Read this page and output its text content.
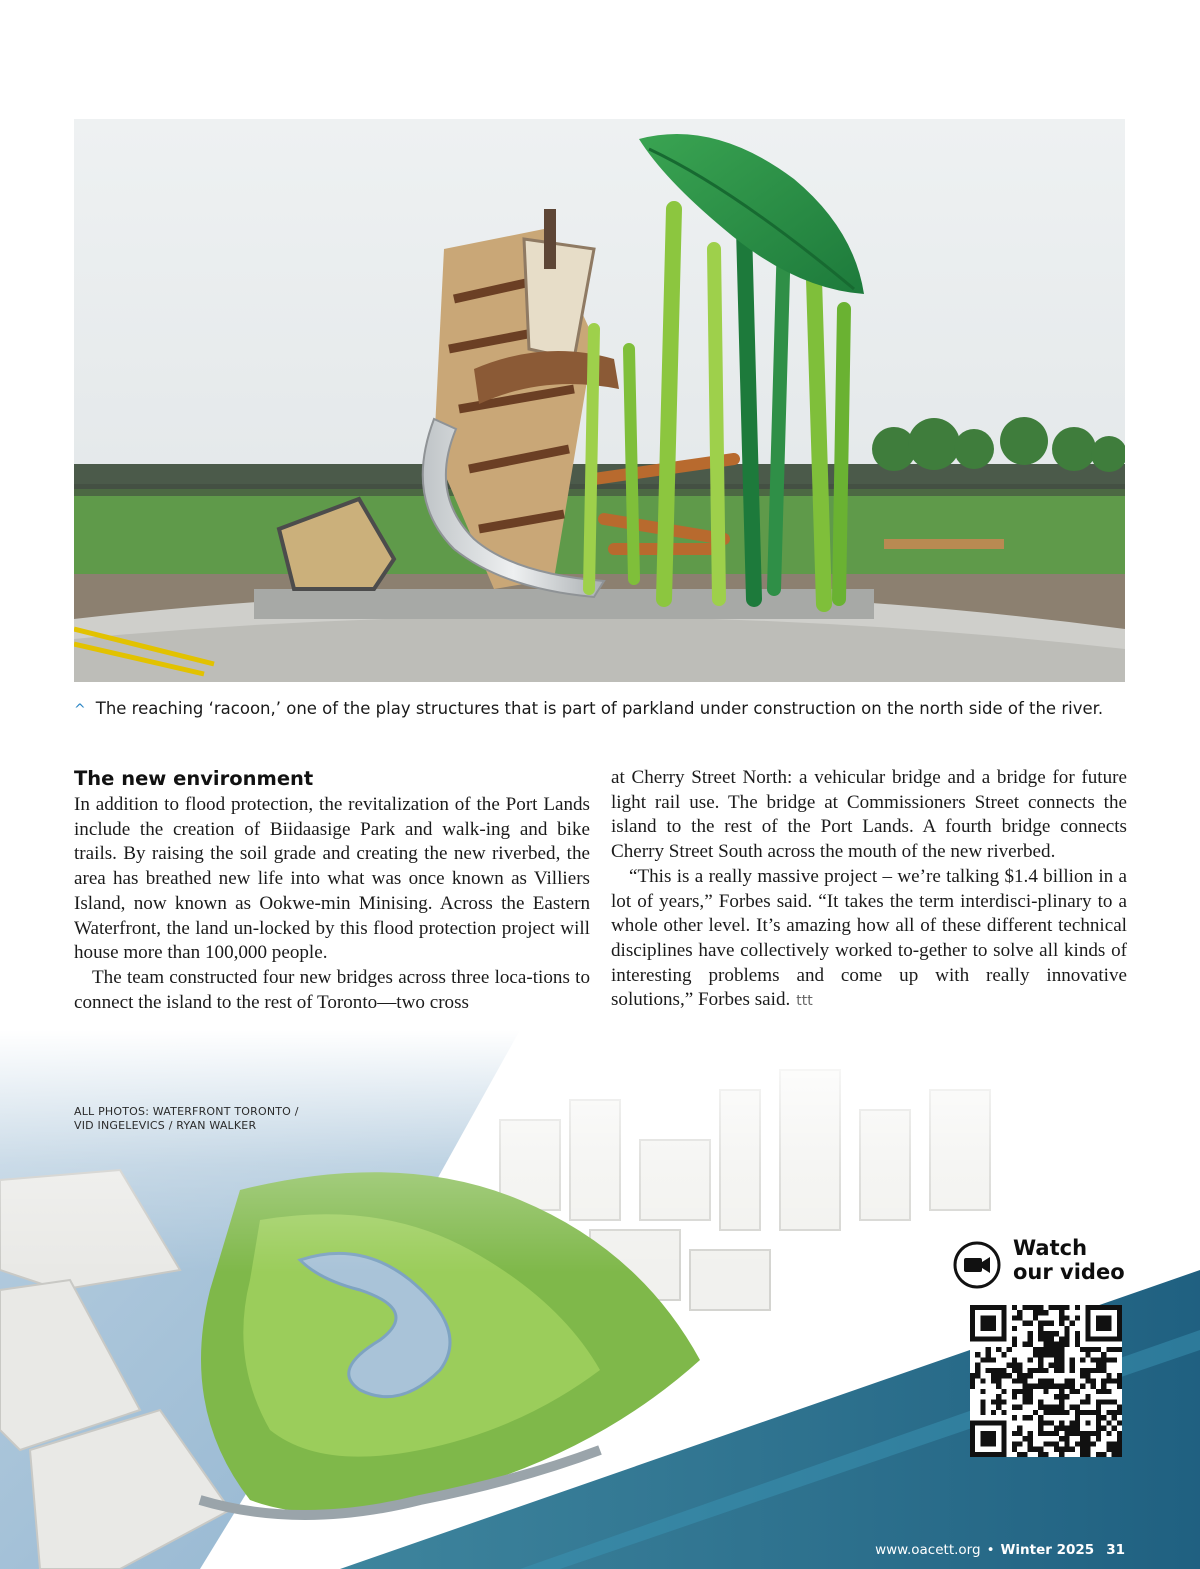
^ The reaching ‘racoon,’ one of the play structures that is part of parkland under construction on the north side of the river.
The new environment

In addition to flood protection, the revitalization of the Port Lands include the creation of Biidaasige Park and walk-ing and bike trails. By raising the soil grade and creating the new riverbed, the area has breathed new life into what was once known as Villiers Island, now known as Ookwe-min Minising. Across the Eastern Waterfront, the land un-locked by this flood protection project will house more than 100,000 people.

The team constructed four new bridges across three loca-tions to connect the island to the rest of Toronto—two cross

at Cherry Street North: a vehicular bridge and a bridge for future light rail use. The bridge at Commissioners Street connects the island to the rest of the Port Lands. A fourth bridge connects Cherry Street South across the mouth of the new riverbed.

“This is a really massive project – we’re talking $1.4 billion in a lot of years,” Forbes said. “It takes the term interdisci-plinary to a whole other level. It’s amazing how all of these different technical disciplines have collectively worked to-gether to solve all kinds of interesting problems and come up with really innovative solutions,” Forbes said. ttt

ALL PHOTOS: WATERFRONT TORONTO /
VID INGELEVICS / RYAN WALKER
Watch
our video
www.oacett.org • Winter 2025 31
